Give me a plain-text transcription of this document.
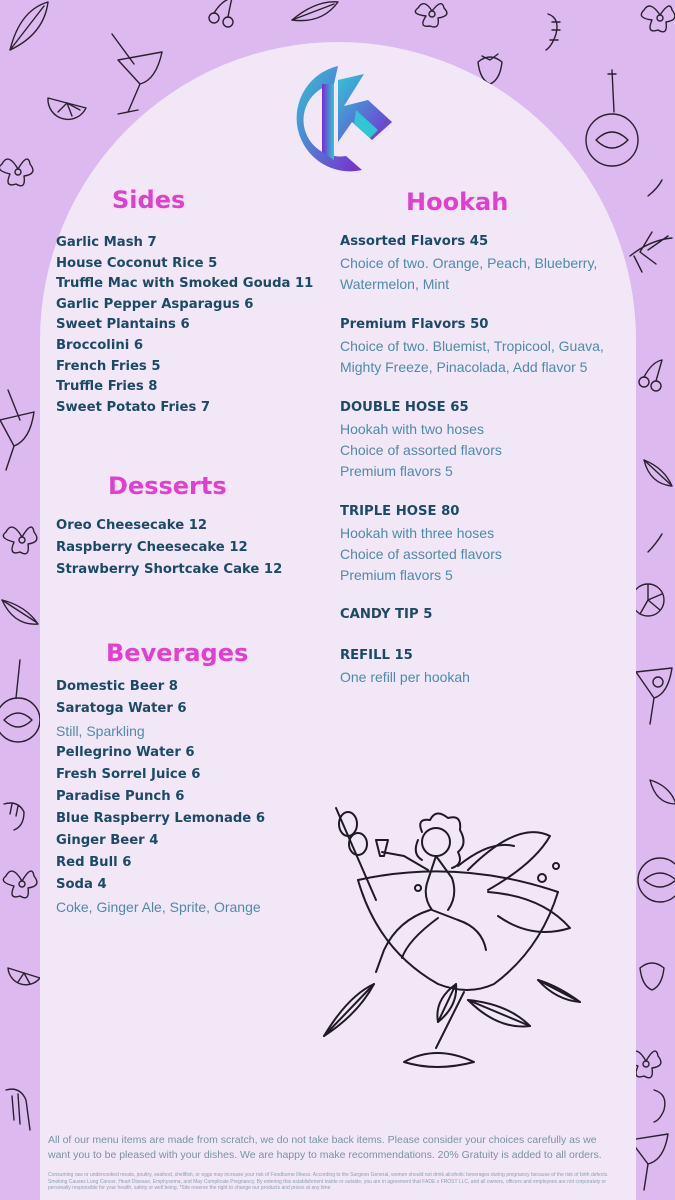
Sides
Garlic Mash 7
House Coconut Rice 5
Truffle Mac with Smoked Gouda 11
Garlic Pepper Asparagus 6
Sweet Plantains 6
Broccolini 6
French Fries 5
Truffle Fries 8
Sweet Potato Fries 7
Desserts
Oreo Cheesecake 12
Raspberry Cheesecake 12
Strawberry Shortcake Cake 12
Beverages
Domestic Beer 8
Saratoga Water 6
Still, Sparkling
Pellegrino Water 6
Fresh Sorrel Juice 6
Paradise Punch 6
Blue Raspberry Lemonade 6
Ginger Beer 4
Red Bull 6
Soda 4
Coke, Ginger Ale, Sprite, Orange
Hookah
Assorted Flavors 45
Choice of two. Orange, Peach, Blueberry,
Watermelon, Mint
Premium Flavors 50
Choice of two. Bluemist, Tropicool, Guava,
Mighty Freeze, Pinacolada, Add flavor 5
DOUBLE HOSE 65
Hookah with two hoses
Choice of assorted flavors
Premium flavors 5
TRIPLE HOSE 80
Hookah with three hoses
Choice of assorted flavors
Premium flavors 5
CANDY TIP 5
REFILL 15
One refill per hookah
All of our menu items are made from scratch, we do not take back items. Please consider your choices carefully as we
want you to be pleased with your dishes. We are happy to make recommendations. 20% Gratuity is added to all orders.
Consuming raw or undercooked meats, poultry, seafood, shellfish, or eggs may increase your risk of Foodborne Illness. According to the Surgeon General, women should not drink alcoholic beverages during pregnancy because of the risk of birth defects.
Smoking Causes Lung Cancer, Heart Disease, Emphysema, and May Complicate Pregnancy. By entering this establishment inside or outside, you are in agreement that FADE x FROST LLC, and all owners, officers and employees are not corporately or
personally responsible for your health, safety or well being. *Site reserve the right to change our products and prices at any time
